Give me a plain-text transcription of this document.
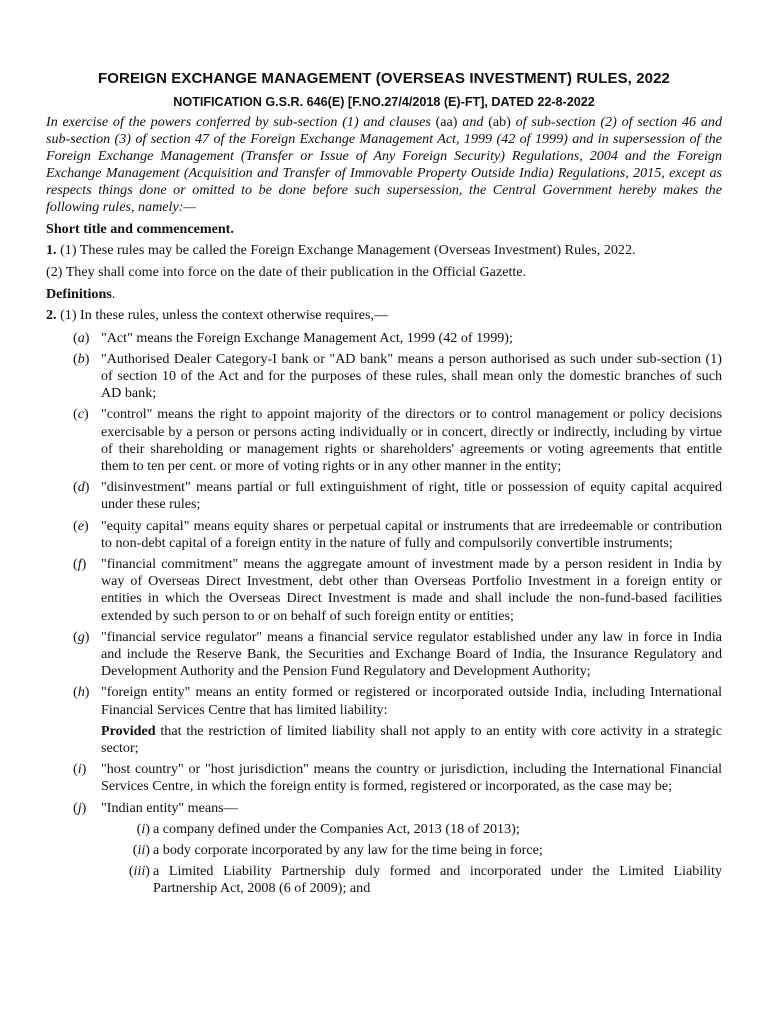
FOREIGN EXCHANGE MANAGEMENT (OVERSEAS INVESTMENT) RULES, 2022
NOTIFICATION G.S.R. 646(E) [F.NO.27/4/2018 (E)-FT], DATED 22-8-2022

In exercise of the powers conferred by sub-section (1) and clauses (aa) and (ab) of sub-section (2) of section 46 and sub-section (3) of section 47 of the Foreign Exchange Management Act, 1999 (42 of 1999) and in supersession of the Foreign Exchange Management (Transfer or Issue of Any Foreign Security) Regulations, 2004 and the Foreign Exchange Management (Acquisition and Transfer of Immovable Property Outside India) Regulations, 2015, except as respects things done or omitted to be done before such supersession, the Central Government hereby makes the following rules, namely:—

Short title and commencement.

1. (1) These rules may be called the Foreign Exchange Management (Overseas Investment) Rules, 2022.

(2) They shall come into force on the date of their publication in the Official Gazette.

Definitions.

2. (1) In these rules, unless the context otherwise requires,—

(a) "Act" means the Foreign Exchange Management Act, 1999 (42 of 1999);
(b) "Authorised Dealer Category-I bank or "AD bank" means a person authorised as such under sub-section (1) of section 10 of the Act and for the purposes of these rules, shall mean only the domestic branches of such AD bank;
(c) "control" means the right to appoint majority of the directors or to control management or policy decisions exercisable by a person or persons acting individually or in concert, directly or indirectly, including by virtue of their shareholding or management rights or shareholders' agreements or voting agreements that entitle them to ten per cent. or more of voting rights or in any other manner in the entity;
(d) "disinvestment" means partial or full extinguishment of right, title or possession of equity capital acquired under these rules;
(e) "equity capital" means equity shares or perpetual capital or instruments that are irredeemable or contribution to non-debt capital of a foreign entity in the nature of fully and compulsorily convertible instruments;
(f)	"financial commitment" means the aggregate amount of investment made by a person resident in India by way of Overseas Direct Investment, debt other than Overseas Portfolio Investment in a foreign entity or entities in which the Overseas Direct Investment is made and shall include the non-fund-based facilities extended by such person to or on behalf of such foreign entity or entities;
(g) "financial service regulator" means a financial service regulator established under any law in force in India and include the Reserve Bank, the Securities and Exchange Board of India, the Insurance Regulatory and Development Authority and the Pension Fund Regulatory and Development Authority;
(h) "foreign entity" means an entity formed or registered or incorporated outside India, including International Financial Services Centre that has limited liability:

Provided that the restriction of limited liability shall not apply to an entity with core activity in a strategic sector;

(i)	"host country" or "host jurisdiction" means the country or jurisdiction, including the International Financial Services Centre, in which the foreign entity is formed, registered or incorporated, as the case may be;
(j)	"Indian entity" means—
(i) a company defined under the Companies Act, 2013 (18 of 2013);
(ii) a body corporate incorporated by any law for the time being in force;
(iii) a Limited Liability Partnership duly formed and incorporated under the Limited Liability Partnership Act, 2008 (6 of 2009); and
